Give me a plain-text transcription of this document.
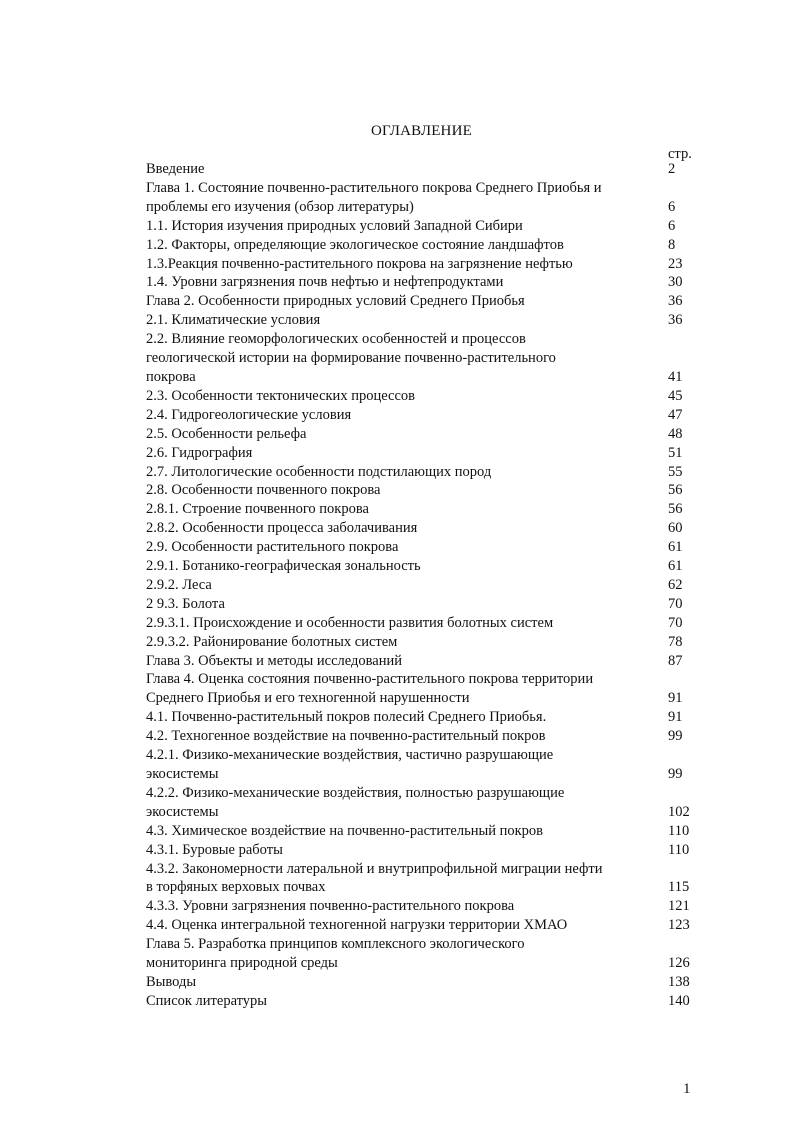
ОГЛАВЛЕНИЕ
стр.
Введение	2
Глава 1. Состояние почвенно-растительного покрова Среднего Приобья и
проблемы его изучения (обзор литературы)	6
1.1. История изучения природных условий Западной Сибири	6
1.2. Факторы, определяющие экологическое состояние ландшафтов	8
1.3.Реакция почвенно-растительного покрова на загрязнение нефтью	23
1.4. Уровни загрязнения почв нефтью и нефтепродуктами	30
Глава 2. Особенности природных условий Среднего Приобья	36
2.1. Климатические условия	36
2.2. Влияние геоморфологических особенностей и процессов
геологической истории на формирование почвенно-растительного
покрова	41
2.3. Особенности тектонических процессов	45
2.4. Гидрогеологические условия	47
2.5. Особенности рельефа	48
2.6. Гидрография	51
2.7. Литологические особенности подстилающих пород	55
2.8. Особенности почвенного покрова	56
2.8.1. Строение почвенного покрова	56
2.8.2. Особенности процесса заболачивания	60
2.9. Особенности растительного покрова	61
2.9.1. Ботанико-географическая зональность	61
2.9.2. Леса	62
2 9.3. Болота	70
2.9.3.1. Происхождение и особенности развития болотных систем	70
2.9.3.2. Районирование болотных систем	78
Глава 3. Объекты и методы исследований	87
Глава 4. Оценка состояния почвенно-растительного покрова территории
Среднего Приобья и его техногенной нарушенности	91
4.1. Почвенно-растительный покров полесий Среднего Приобья.	91
4.2. Техногенное воздействие на почвенно-растительный покров	99
4.2.1. Физико-механические воздействия, частично разрушающие
экосистемы	99
4.2.2. Физико-механические воздействия, полностью разрушающие
экосистемы	102
4.3. Химическое воздействие на почвенно-растительный покров	110
4.3.1. Буровые работы	110
4.3.2. Закономерности латеральной и внутрипрофильной миграции нефти
в торфяных верховых почвах	115
4.3.3. Уровни загрязнения почвенно-растительного покрова	121
4.4. Оценка интегральной техногенной нагрузки территории ХМАО	123
Глава 5. Разработка принципов комплексного экологического
мониторинга природной среды	126
Выводы	138
Список литературы	140
1
